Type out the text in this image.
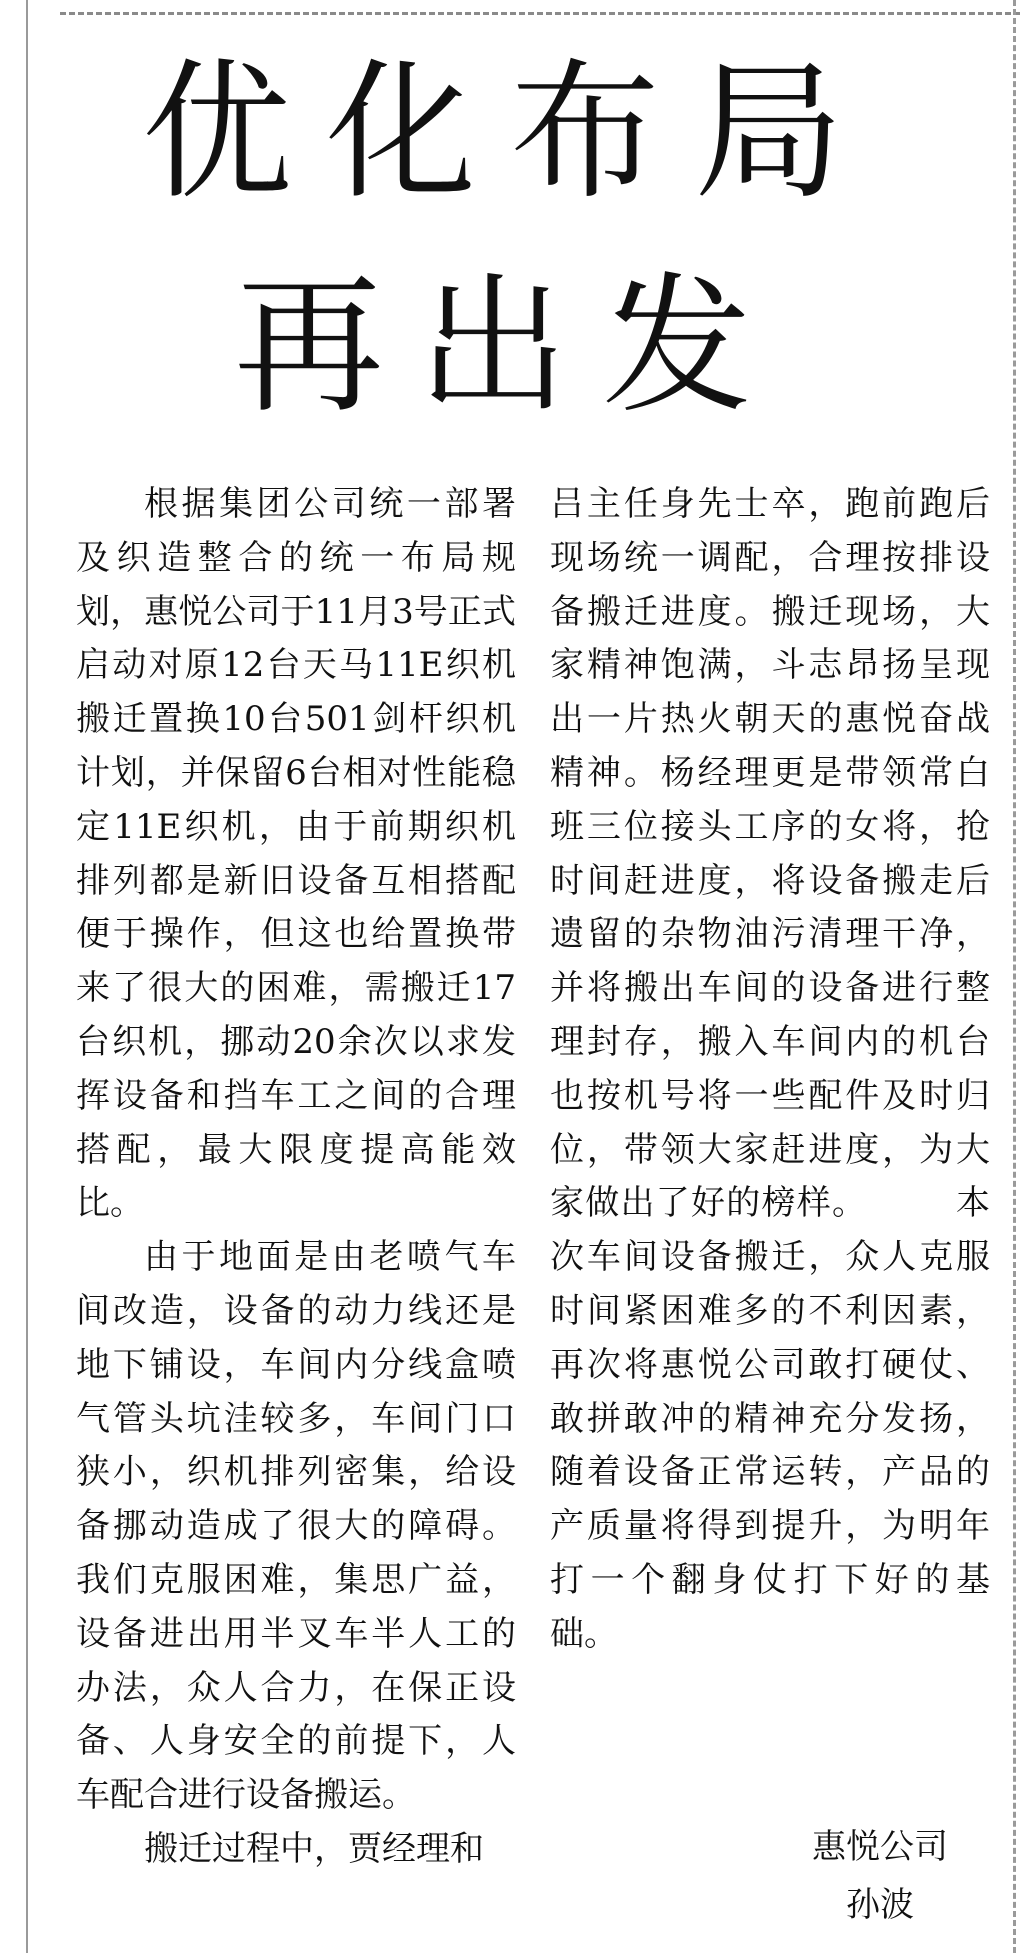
优化布局
再出发

根据集团公司统一部署及织造整合的统一布局规划，惠悦公司于11月3号正式启动对原12台天马11E织机搬迁置换10台501剑杆织机计划，并保留6台相对性能稳定11E织机，由于前期织机排列都是新旧设备互相搭配便于操作，但这也给置换带来了很大的困难，需搬迁17台织机，挪动20余次以求发挥设备和挡车工之间的合理搭配，最大限度提高能效比。

由于地面是由老喷气车间改造，设备的动力线还是地下铺设，车间内分线盒喷气管头坑洼较多，车间门口狭小，织机排列密集，给设备挪动造成了很大的障碍。我们克服困难，集思广益，设备进出用半叉车半人工的办法，众人合力，在保正设备、人身安全的前提下，人车配合进行设备搬运。

搬迁过程中，贾经理和

吕主任身先士卒，跑前跑后现场统一调配，合理按排设备搬迁进度。搬迁现场，大家精神饱满，斗志昂扬呈现出一片热火朝天的惠悦奋战精神。杨经理更是带领常白班三位接头工序的女将，抢时间赶进度，将设备搬走后遗留的杂物油污清理干净，并将搬出车间的设备进行整理封存，搬入车间内的机台也按机号将一些配件及时归位，带领大家赶进度，为大家做出了好的榜样。　　　本次车间设备搬迁，众人克服时间紧困难多的不利因素，再次将惠悦公司敢打硬仗、敢拼敢冲的精神充分发扬，随着设备正常运转，产品的产质量将得到提升，为明年打一个翻身仗打下好的基础。

惠悦公司
孙波
